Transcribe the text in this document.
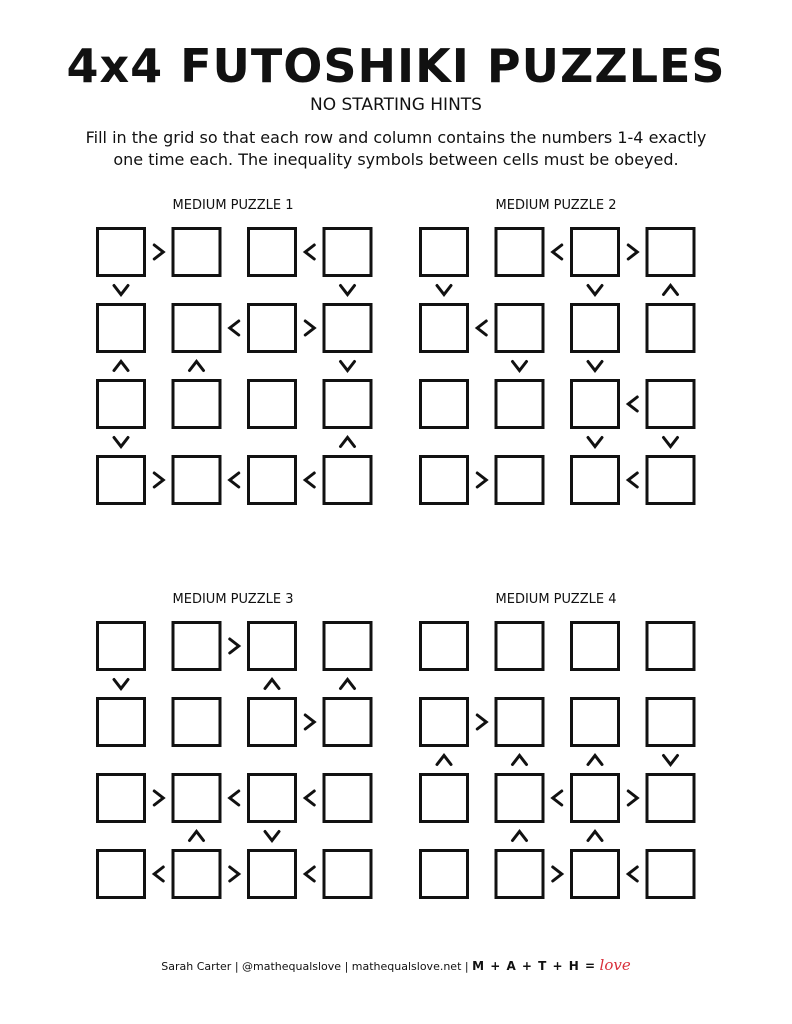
4x4 FUTOSHIKI PUZZLES
NO STARTING HINTS
Fill in the grid so that each row and column contains the numbers 1-4 exactly
one time each. The inequality symbols between cells must be obeyed.
MEDIUM PUZZLE 1	MEDIUM PUZZLE 2
MEDIUM PUZZLE 3	MEDIUM PUZZLE 4
Sarah Carter | @mathequalslove | mathequalslove.net | M + A + T + H = love
